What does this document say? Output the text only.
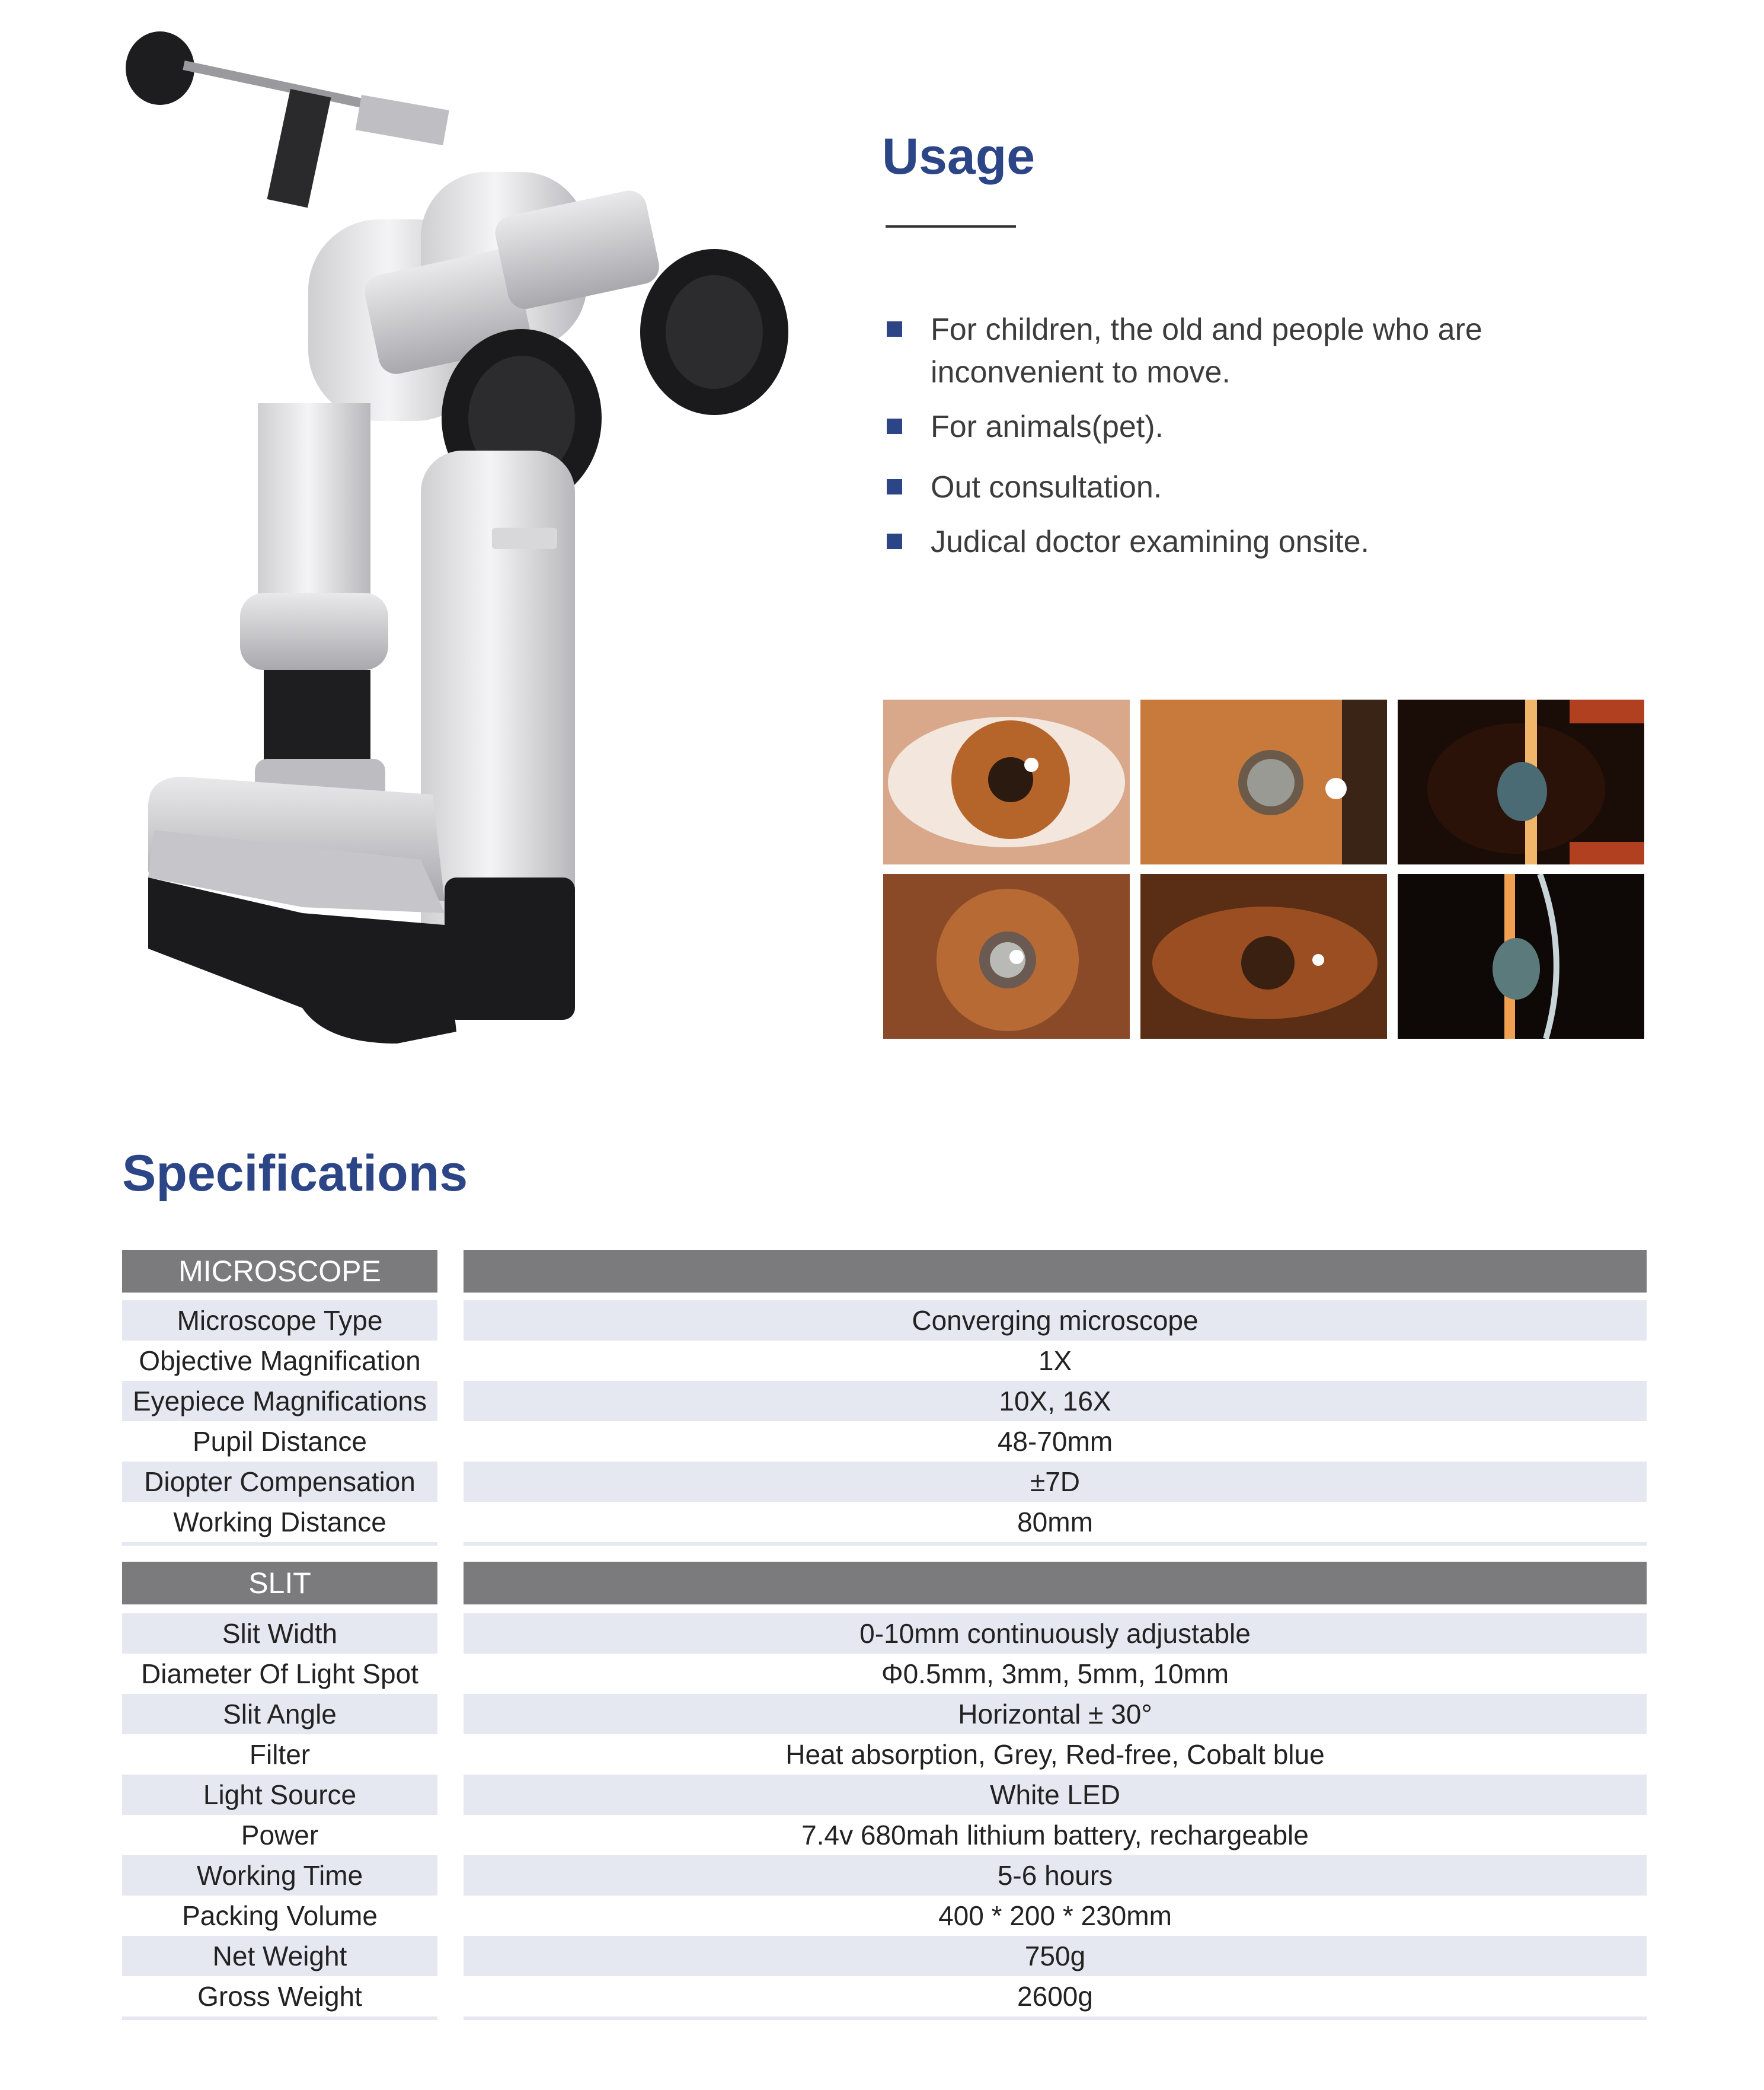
Usage
For children, the old and people who are inconvenient to move.
For animals(pet).
Out consultation.
Judical doctor examining onsite.
Specifications
MICROSCOPE
Microscope Type	Converging microscope
Objective Magnification	1X
Eyepiece Magnifications	10X, 16X
Pupil Distance	48-70mm
Diopter Compensation	±7D
Working Distance	80mm
SLIT
Slit Width	0-10mm continuously adjustable
Diameter Of Light Spot	Φ0.5mm, 3mm, 5mm, 10mm
Slit Angle	Horizontal ± 30°
Filter	Heat absorption, Grey, Red-free, Cobalt blue
Light Source	White LED
Power	7.4v 680mah lithium battery, rechargeable
Working Time	5-6 hours
Packing Volume	400 * 200 * 230mm
Net Weight	750g
Gross Weight	2600g
